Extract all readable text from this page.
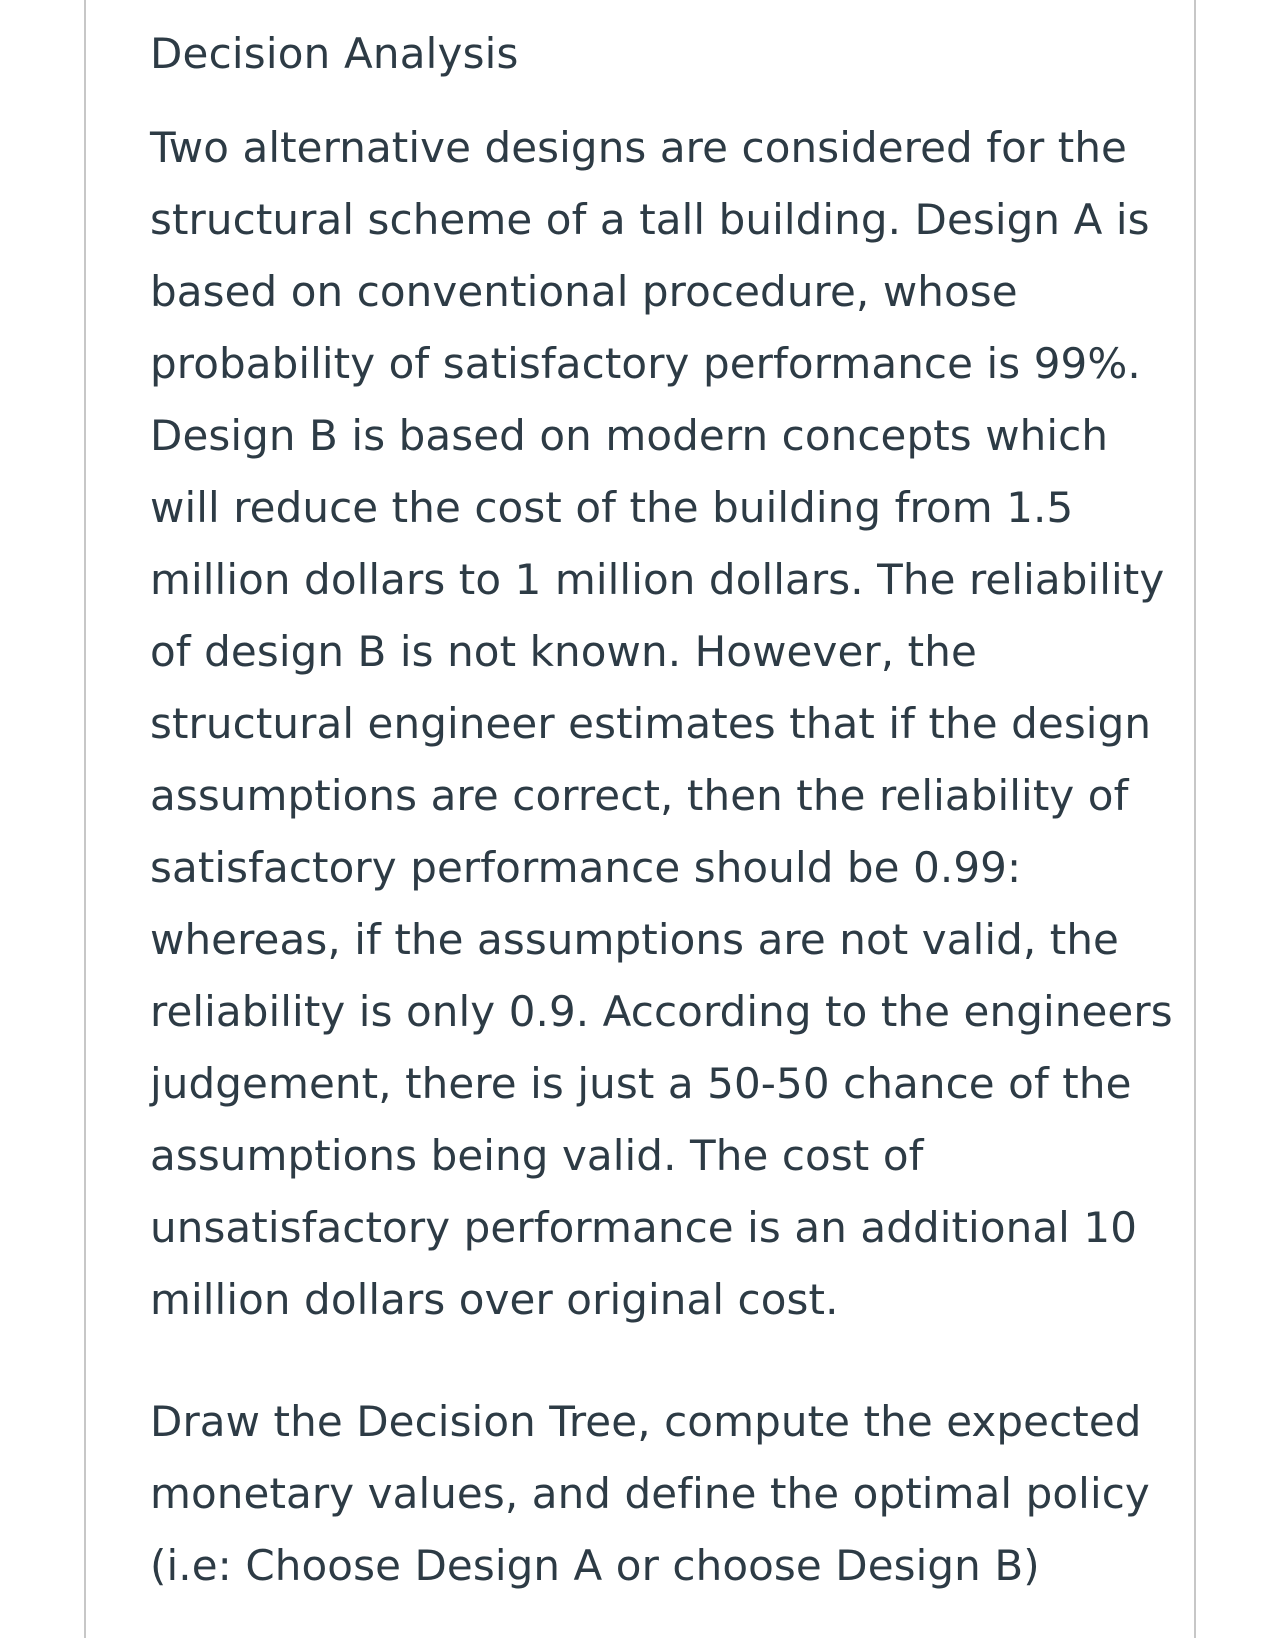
Decision Analysis

Two alternative designs are considered for the
structural scheme of a tall building. Design A is
based on conventional procedure, whose
probability of satisfactory performance is 99%.
Design B is based on modern concepts which
will reduce the cost of the building from 1.5
million dollars to 1 million dollars. The reliability
of design B is not known. However, the
structural engineer estimates that if the design
assumptions are correct, then the reliability of
satisfactory performance should be 0.99:
whereas, if the assumptions are not valid, the
reliability is only 0.9. According to the engineers
judgement, there is just a 50-50 chance of the
assumptions being valid. The cost of
unsatisfactory performance is an additional 10
million dollars over original cost.

Draw the Decision Tree, compute the expected
monetary values, and define the optimal policy
(i.e: Choose Design A or choose Design B)
